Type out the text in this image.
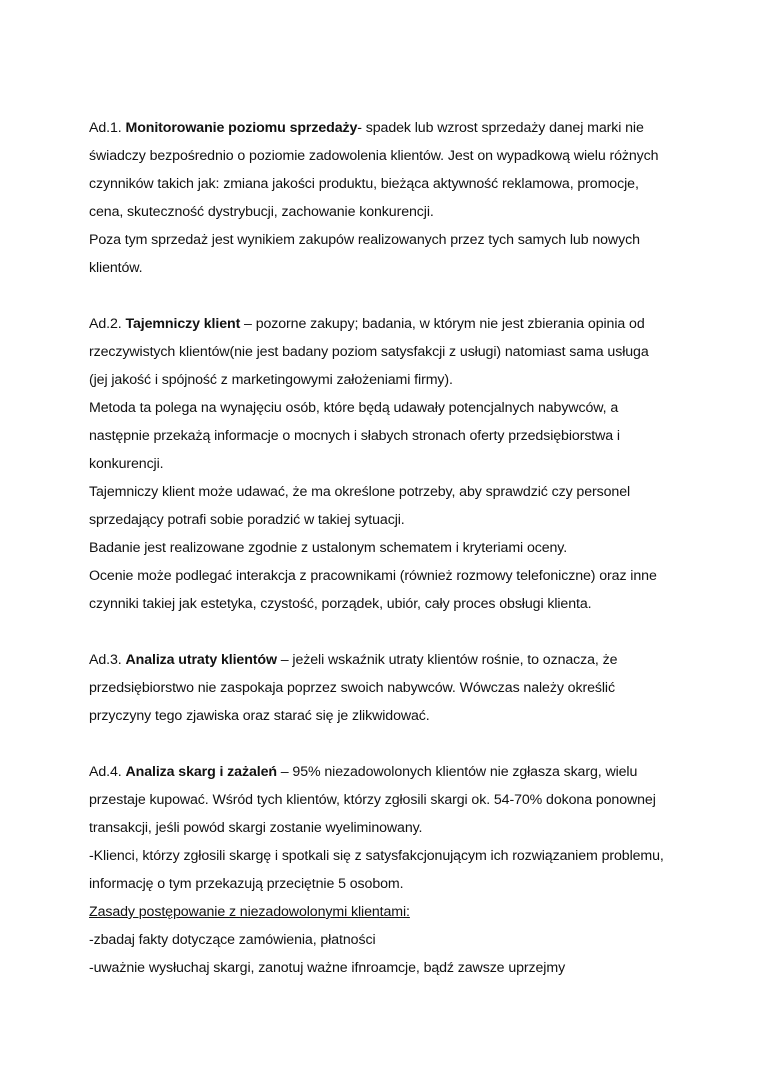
Ad.1. Monitorowanie poziomu sprzedaży- spadek lub wzrost sprzedaży danej marki nie
świadczy bezpośrednio o poziomie zadowolenia klientów. Jest on wypadkową wielu różnych
czynników takich jak: zmiana jakości produktu, bieżąca aktywność reklamowa, promocje,
cena, skuteczność dystrybucji, zachowanie konkurencji.
Poza tym sprzedaż jest wynikiem zakupów realizowanych przez tych samych lub nowych
klientów.
Ad.2. Tajemniczy klient – pozorne zakupy; badania, w którym nie jest zbierania opinia od
rzeczywistych klientów(nie jest badany poziom satysfakcji z usługi) natomiast sama usługa
(jej jakość i spójność z marketingowymi założeniami firmy).
Metoda ta polega na wynajęciu osób, które będą udawały potencjalnych nabywców, a
następnie przekażą informacje o mocnych i słabych stronach oferty przedsiębiorstwa i
konkurencji.
Tajemniczy klient może udawać, że ma określone potrzeby, aby sprawdzić czy personel
sprzedający potrafi sobie poradzić w takiej sytuacji.
Badanie jest realizowane zgodnie z ustalonym schematem i kryteriami oceny.
Ocenie może podlegać interakcja z pracownikami (również rozmowy telefoniczne) oraz inne
czynniki takiej jak estetyka, czystość, porządek, ubiór, cały proces obsługi klienta.
Ad.3. Analiza utraty klientów – jeżeli wskaźnik utraty klientów rośnie, to oznacza, że
przedsiębiorstwo nie zaspokaja poprzez swoich nabywców. Wówczas należy określić
przyczyny tego zjawiska oraz starać się je zlikwidować.
Ad.4. Analiza skarg i zażaleń – 95% niezadowolonych klientów nie zgłasza skarg, wielu
przestaje kupować. Wśród tych klientów, którzy zgłosili skargi ok. 54-70% dokona ponownej
transakcji, jeśli powód skargi zostanie wyeliminowany.
-Klienci, którzy zgłosili skargę i spotkali się z satysfakcjonującym ich rozwiązaniem problemu,
informację o tym przekazują przeciętnie 5 osobom.
Zasady postępowanie z niezadowolonymi klientami:
-zbadaj fakty dotyczące zamówienia, płatności
-uważnie wysłuchaj skargi, zanotuj ważne ifnroamcje, bądź zawsze uprzejmy
